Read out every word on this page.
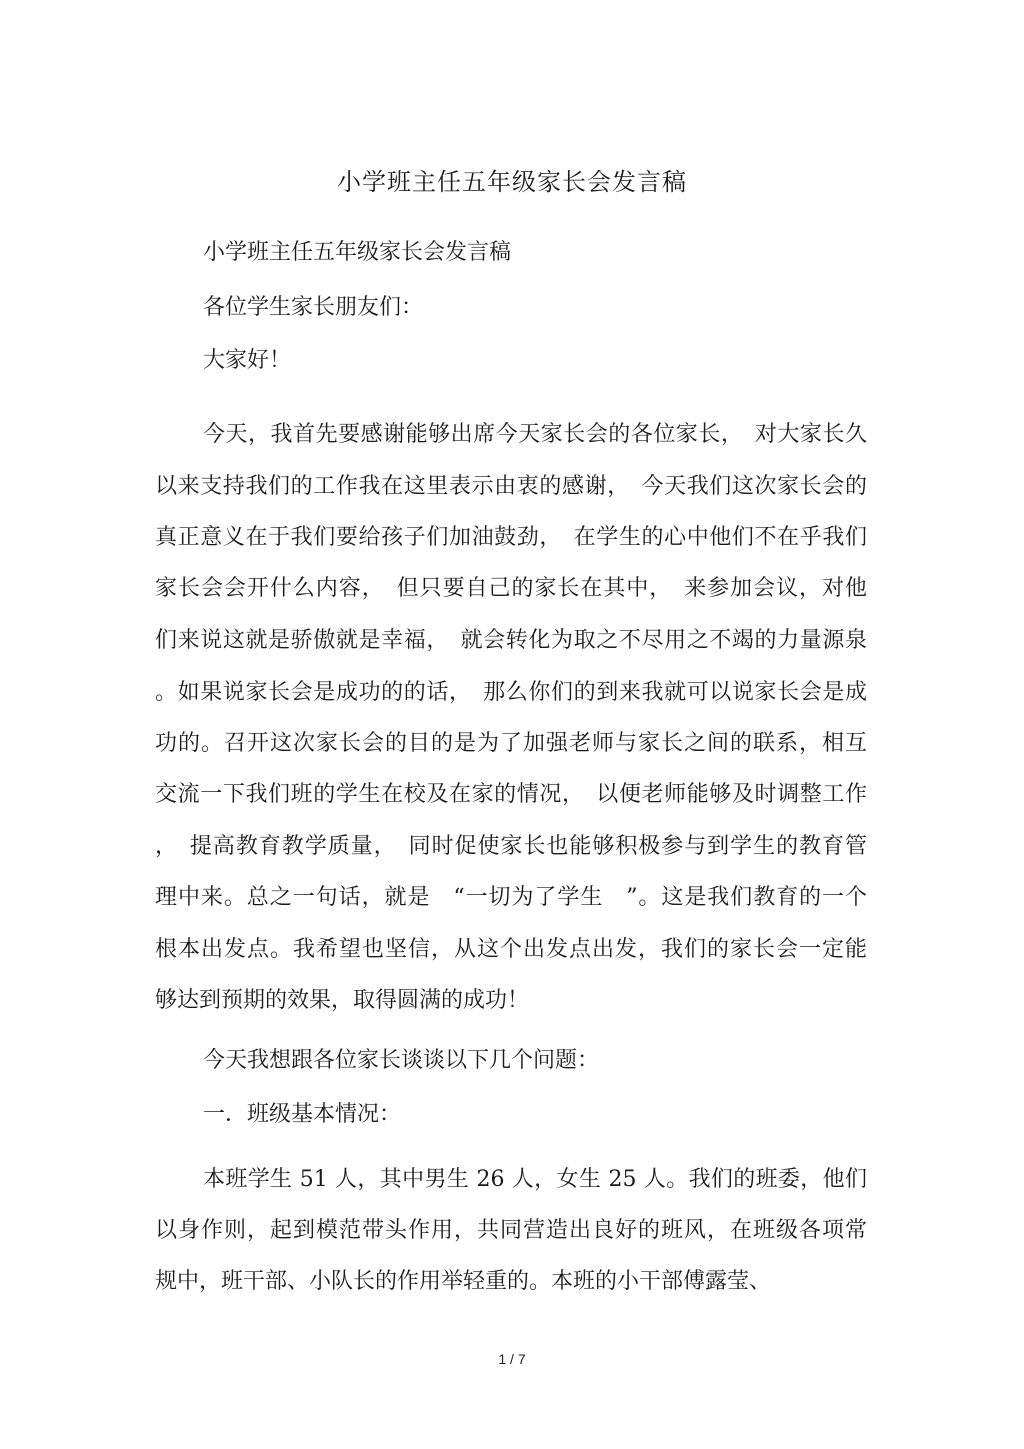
小学班主任五年级家长会发言稿

小学班主任五年级家长会发言稿

各位学生家长朋友们：

大家好！

今天，我首先要感谢能够出席今天家长会的各位家长，　对大家长久

以来支持我们的工作我在这里表示由衷的感谢，　今天我们这次家长会的

真正意义在于我们要给孩子们加油鼓劲，　在学生的心中他们不在乎我们

家长会会开什么内容，　但只要自己的家长在其中，　来参加会议，对他

们来说这就是骄傲就是幸福，　就会转化为取之不尽用之不竭的力量源泉

。如果说家长会是成功的的话，　那么你们的到来我就可以说家长会是成

功的。召开这次家长会的目的是为了加强老师与家长之间的联系，相互

交流一下我们班的学生在校及在家的情况，　以便老师能够及时调整工作

，　提高教育教学质量，　同时促使家长也能够积极参与到学生的教育管

理中来。总之一句话，就是　“一切为了学生　”。这是我们教育的一个

根本出发点。我希望也坚信，从这个出发点出发，我们的家长会一定能

够达到预期的效果，取得圆满的成功！

今天我想跟各位家长谈谈以下几个问题：

一．班级基本情况：

本班学生 51 人，其中男生 26 人，女生 25 人。我们的班委，他们

以身作则，起到模范带头作用，共同营造出良好的班风，在班级各项常

规中，班干部、小队长的作用举轻重的。本班的小干部傅露莹、

1 / 7
